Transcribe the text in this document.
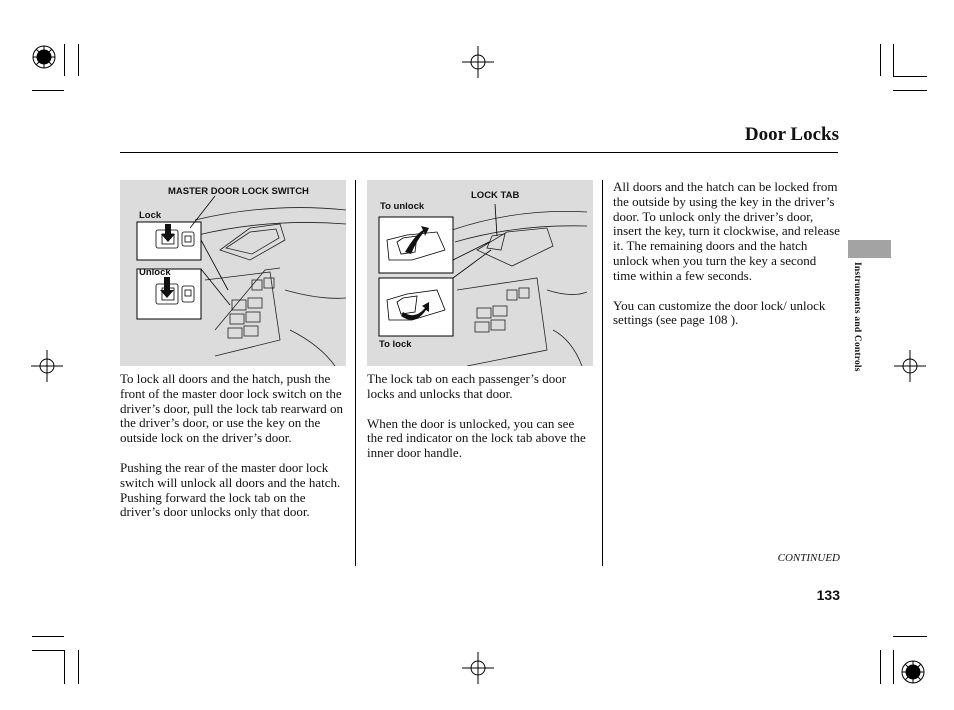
Door Locks
MASTER DOOR LOCK SWITCH
Lock
Unlock
LOCK TAB
To unlock
To lock

To lock all doors and the hatch, push the front of the master door lock switch on the driver’s door, pull the lock tab rearward on the driver’s door, or use the key on the outside lock on the driver’s door.

Pushing the rear of the master door lock switch will unlock all doors and the hatch. Pushing forward the lock tab on the driver’s door unlocks only that door.

The lock tab on each passenger’s door locks and unlocks that door.

When the door is unlocked, you can see the red indicator on the lock tab above the inner door handle.

All doors and the hatch can be locked from the outside by using the key in the driver’s door. To unlock only the driver’s door, insert the key, turn it clockwise, and release it. The remaining doors and the hatch unlock when you turn the key a second time within a few seconds.

You can customize the door lock/ unlock settings (see page 108 ).	Instruments and Controls
CONTINUED
133
